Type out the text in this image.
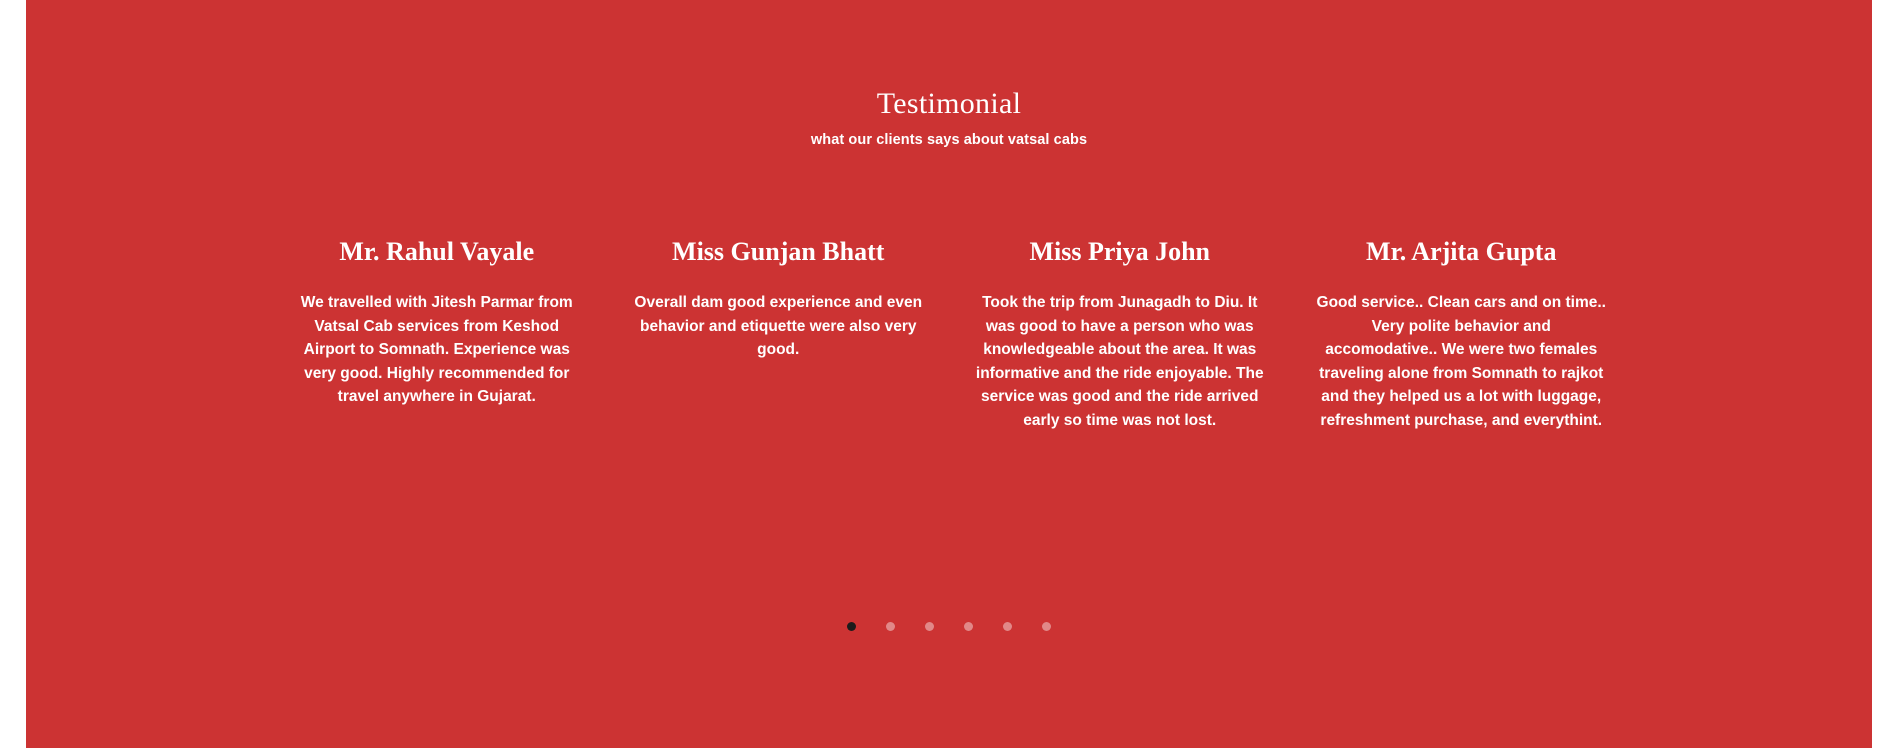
Testimonial
what our clients says about vatsal cabs
Mr. Rahul Vayale
We travelled with Jitesh Parmar from Vatsal Cab services from Keshod Airport to Somnath. Experience was very good. Highly recommended for travel anywhere in Gujarat.
Miss Gunjan Bhatt
Overall dam good experience and even behavior and etiquette were also very good.
Miss Priya John
Took the trip from Junagadh to Diu. It was good to have a person who was knowledgeable about the area. It was informative and the ride enjoyable. The service was good and the ride arrived early so time was not lost.
Mr. Arjita Gupta
Good service.. Clean cars and on time.. Very polite behavior and accomodative.. We were two females traveling alone from Somnath to rajkot and they helped us a lot with luggage, refreshment purchase, and everythint.
